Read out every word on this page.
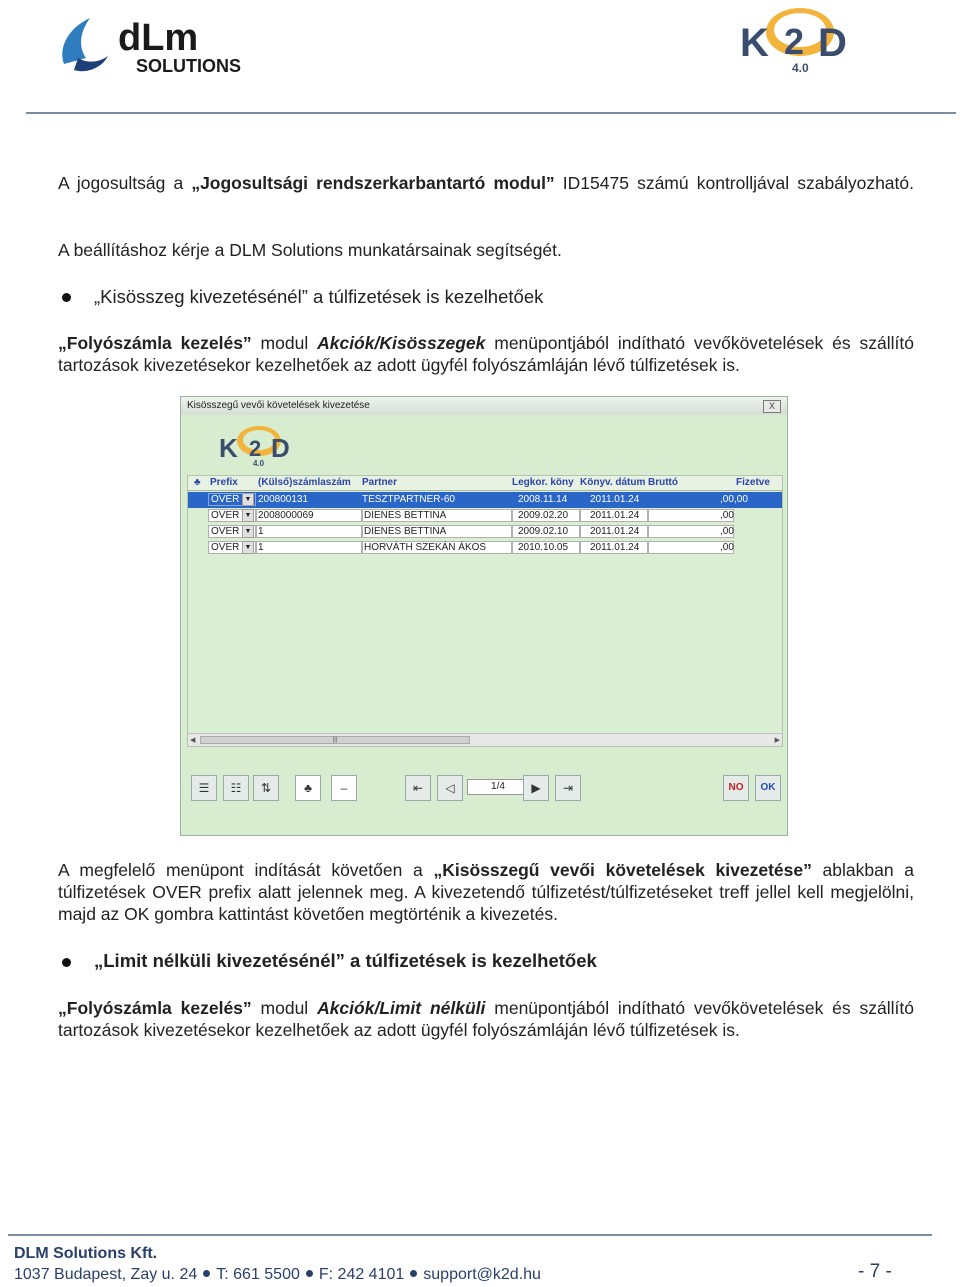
dLm
SOLUTIONS
K 2 D
4.0
A jogosultság a „Jogosultsági rendszerkarbantartó modul” ID15475 számú kontrolljával szabályozható.
A beállításhoz kérje a DLM Solutions munkatársainak segítségét.
„Kisösszeg kivezetésénél” a túlfizetések is kezelhetőek
„Folyószámla kezelés” modul Akciók/Kisösszegek menüpontjából indítható vevőkövetelések és szállító tartozások kivezetésekor kezelhetőek az adott ügyfél folyószámláján lévő túlfizetések is.
Kisösszegű vevői követelések kivezetése	X
K 2 D
4.0
♣ Prefix (Külső)számlaszám Partner	Legkor. köny Könyv. dátum Bruttó	Fizetve
OVER ▼ 200800131	TESZTPARTNER-60	2008.11.14 2011.01.24	,00 ,00
OVER ▼ 2008000069	DIENES BETTINA	2009.02.20 2011.01.24	,00
OVER ▼ 1	DIENES BETTINA	2009.02.10 2011.01.24	,00
OVER ▼ 1	HORVÁTH SZEKÁN ÁKOS	2010.10.05 2011.01.24	,00
◀	|||	▶
☰	☷	⇅	♣	–	⇤	◁	1/4	▶	⇥	NO	OK
A megfelelő menüpont indítását követően a „Kisösszegű vevői követelések kivezetése” ablakban a túlfizetések OVER prefix alatt jelennek meg. A kivezetendő túlfizetést/túlfizetéseket treff jellel kell megjelölni, majd az OK gombra kattintást követően megtörténik a kivezetés.
„Limit nélküli kivezetésénél” a túlfizetések is kezelhetőek
„Folyószámla kezelés” modul Akciók/Limit nélküli menüpontjából indítható vevőkövetelések és szállító tartozások kivezetésekor kezelhetőek az adott ügyfél folyószámláján lévő túlfizetések is.
DLM Solutions Kft.
1037 Budapest, Zay u. 24 T: 661 5500 F: 242 4101 support@k2d.hu	- 7 -
